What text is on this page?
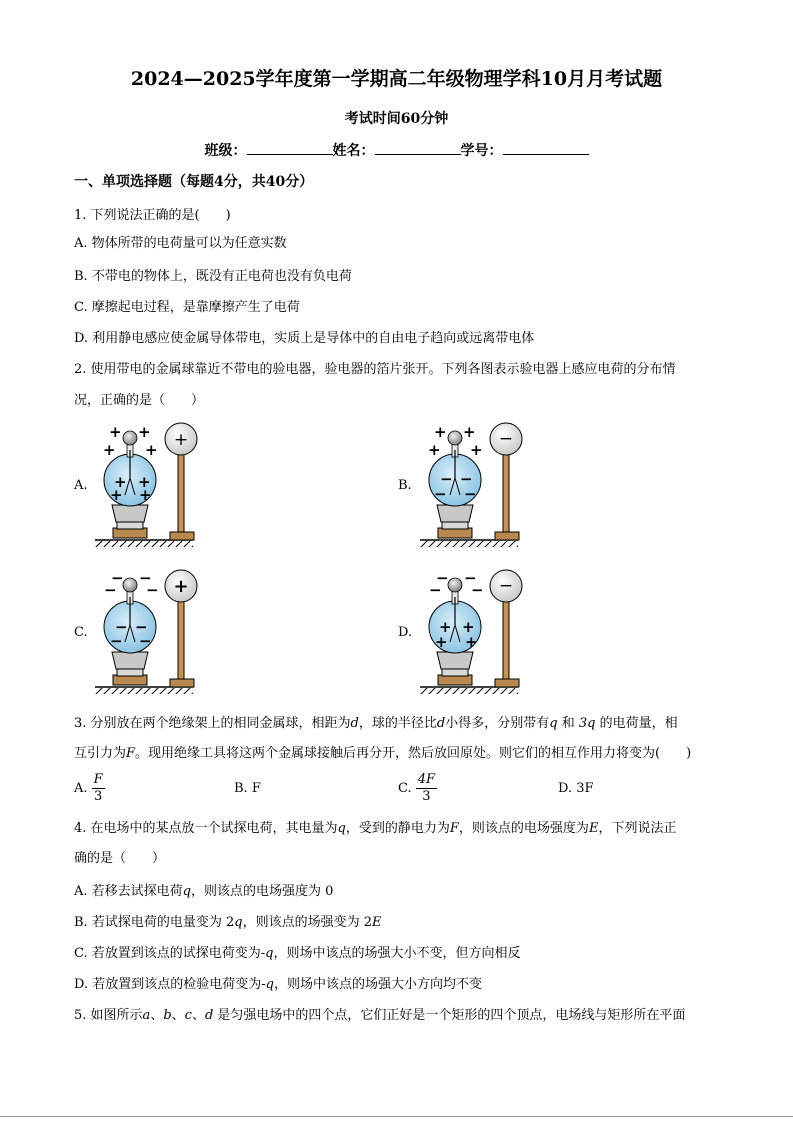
2024—2025学年度第一学期高二年级物理学科10月月考试题
考试时间60分钟
班级：	姓名：	学号：
一、单项选择题（每题4分，共40分）
1. 下列说法正确的是(　　)
A. 物体所带的电荷量可以为任意实数
B. 不带电的物体上，既没有正电荷也没有负电荷
C. 摩擦起电过程，是靠摩擦产生了电荷
D. 利用静电感应使金属导体带电，实质上是导体中的自由电子趋向或远离带电体
2. 使用带电的金属球靠近不带电的验电器，验电器的箔片张开。下列各图表示验电器上感应电荷的分布情
况，正确的是（　　）
A.	B.
C.	D.
+
+ +
+ +
+ +
+ +
−
+ +
+ +
− −
− −
+
− −
− −
− −
− −
−
− −
− −
+ +
+ +
3. 分别放在两个绝缘架上的相同金属球，相距为d，球的半径比d小得多，分别带有q 和 3q 的电荷量，相
互引力为F。现用绝缘工具将这两个金属球接触后再分开，然后放回原处。则它们的相互作用力将变为(　　)
A. $\frac{F}{3}$	B. F	C. $\frac{4F}{3}$	D. 3F
4. 在电场中的某点放一个试探电荷，其电量为q，受到的静电力为F，则该点的电场强度为E，下列说法正
确的是（　　）
A. 若移去试探电荷q，则该点的电场强度为 0
B. 若试探电荷的电量变为 2q，则该点的场强变为 2E
C. 若放置到该点的试探电荷变为-q，则场中该点的场强大小不变，但方向相反
D. 若放置到该点的检验电荷变为-q，则场中该点的场强大小方向均不变
5. 如图所示a、b、c、d 是匀强电场中的四个点，它们正好是一个矩形的四个顶点，电场线与矩形所在平面
